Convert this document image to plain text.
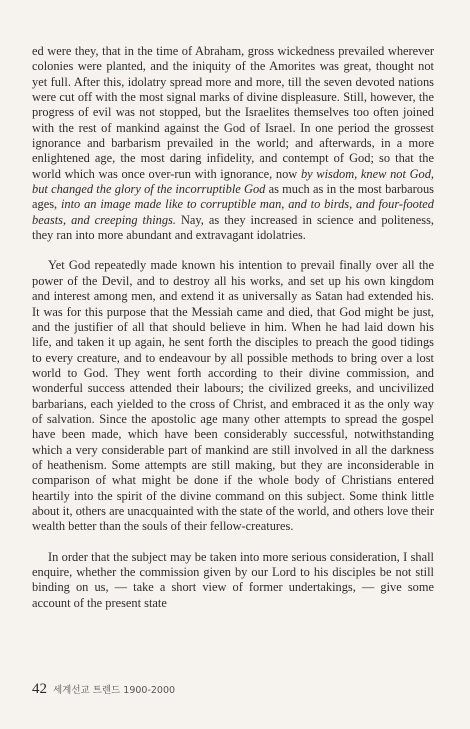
ed were they, that in the time of Abraham, gross wickedness prevailed wherever colonies were planted, and the iniquity of the Amorites was great, thought not yet full. After this, idolatry spread more and more, till the seven devoted nations were cut off with the most signal marks of divine displeasure. Still, however, the progress of evil was not stopped, but the Israelites themselves too often joined with the rest of mankind against the God of Israel. In one period the grossest ignorance and barbarism prevailed in the world; and afterwards, in a more enlightened age, the most daring infidelity, and contempt of God; so that the world which was once over-run with ignorance, now by wisdom, knew not God, but changed the glory of the incorruptible God as much as in the most barbarous ages, into an image made like to corruptible man, and to birds, and four-footed beasts, and creeping things. Nay, as they increased in science and politeness, they ran into more abundant and extravagant idolatries.

Yet God repeatedly made known his intention to prevail finally over all the power of the Devil, and to destroy all his works, and set up his own kingdom and interest among men, and extend it as universally as Satan had extended his. It was for this purpose that the Messiah came and died, that God might be just, and the justifier of all that should believe in him. When he had laid down his life, and taken it up again, he sent forth the disciples to preach the good tidings to every creature, and to endeavour by all possible methods to bring over a lost world to God. They went forth according to their divine commission, and wonderful success attended their labours; the civilized greeks, and uncivilized barbarians, each yielded to the cross of Christ, and embraced it as the only way of salvation. Since the apostolic age many other attempts to spread the gospel have been made, which have been considerably successful, notwithstanding which a very considerable part of mankind are still involved in all the darkness of heathenism. Some attempts are still making, but they are inconsiderable in comparison of what might be done if the whole body of Christians entered heartily into the spirit of the divine command on this subject. Some think little about it, others are unacquainted with the state of the world, and others love their wealth better than the souls of their fellow-creatures.

In order that the subject may be taken into more serious consideration, I shall enquire, whether the commission given by our Lord to his disciples be not still binding on us, — take a short view of former undertakings, — give some account of the present state

42 세계선교 트렌드 1900-2000
